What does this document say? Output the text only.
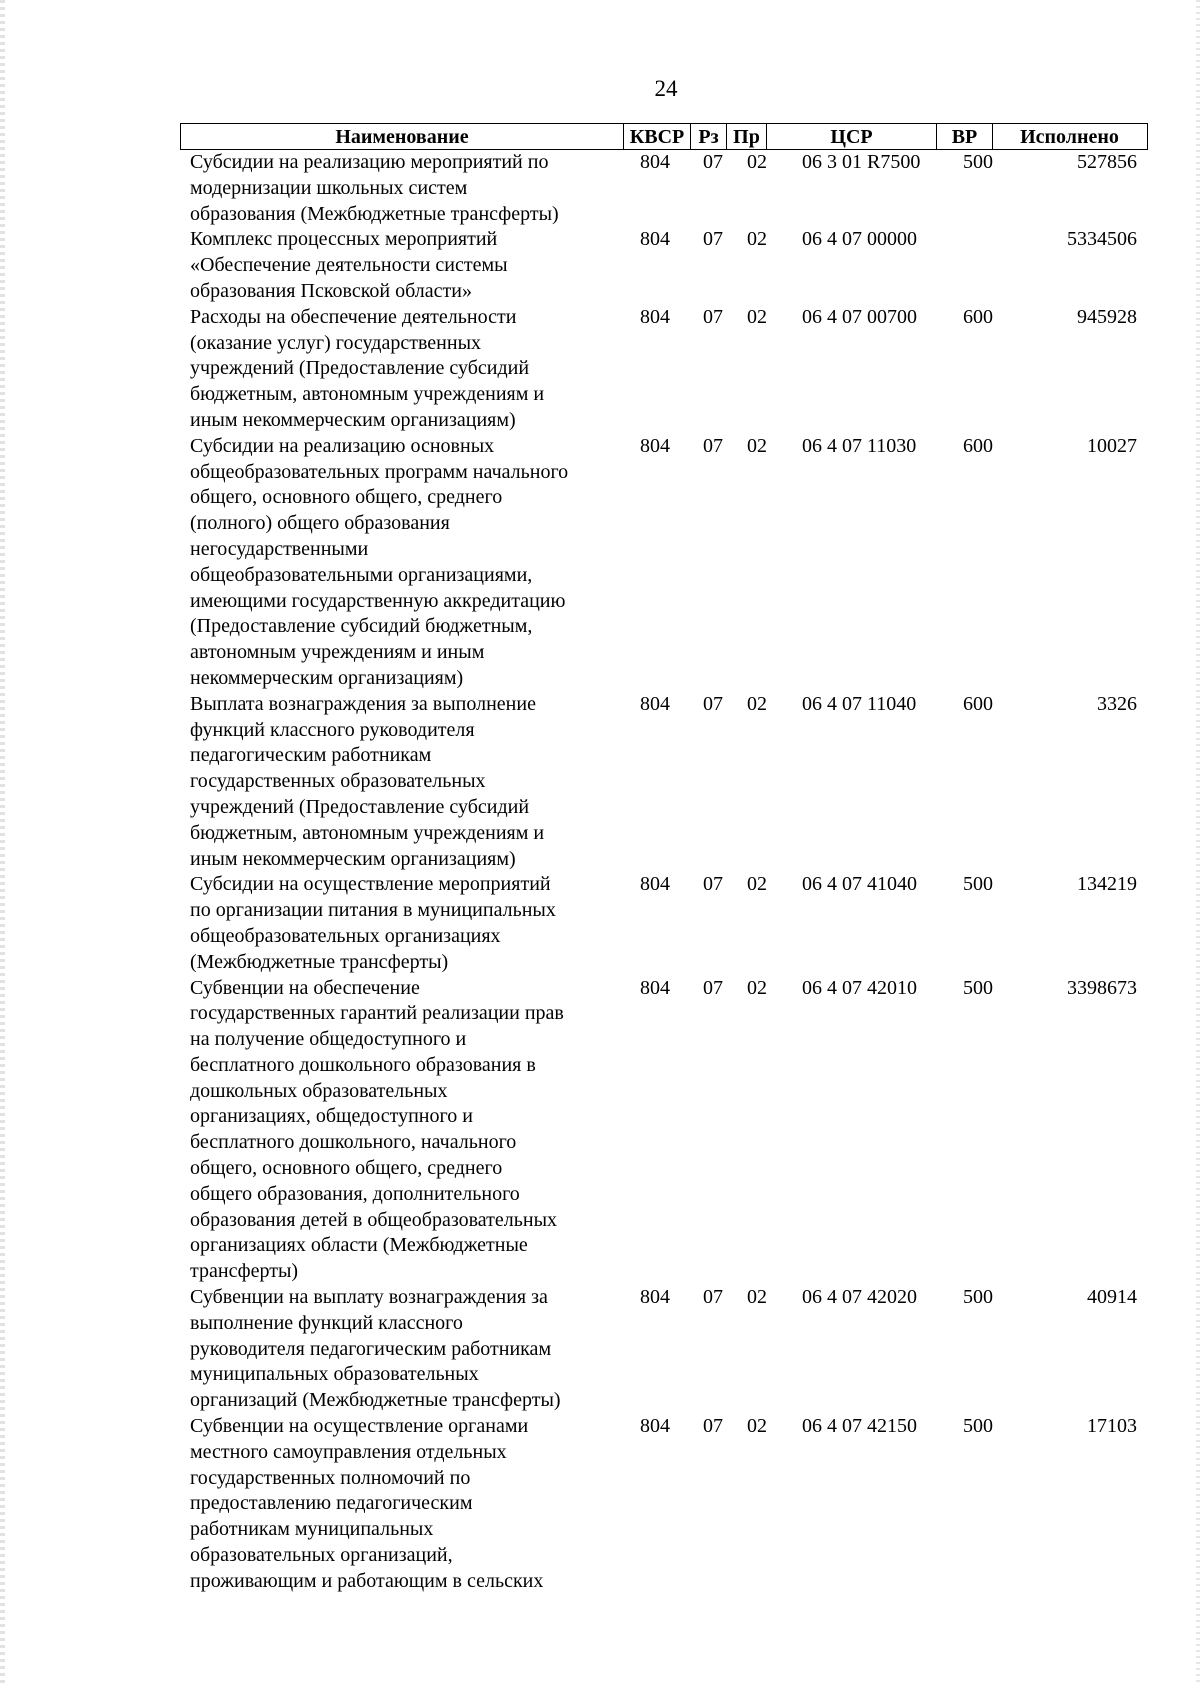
24
Наименование	КВСР Рз Пр	ЦСР	ВР	Исполнено
Субсидии на реализацию мероприятий по
модернизации школьных систем
образования (Межбюджетные трансферты)
804 07 02 06 3 01 R7500 500	527856
Комплекс процессных мероприятий
«Обеспечение деятельности системы
образования Псковской области»
804 07 02 06 4 07 00000	5334506
Расходы на обеспечение деятельности
(оказание услуг) государственных
учреждений (Предоставление субсидий
бюджетным, автономным учреждениям и
иным некоммерческим организациям)
804 07 02 06 4 07 00700 600	945928
Субсидии на реализацию основных
общеобразовательных программ начального
общего, основного общего, среднего
(полного) общего образования
негосударственными
общеобразовательными организациями,
имеющими государственную аккредитацию
(Предоставление субсидий бюджетным,
автономным учреждениям и иным
некоммерческим организациям)
804 07 02 06 4 07 11030 600	10027
Выплата вознаграждения за выполнение
функций классного руководителя
педагогическим работникам
государственных образовательных
учреждений (Предоставление субсидий
бюджетным, автономным учреждениям и
иным некоммерческим организациям)
804 07 02 06 4 07 11040 600	3326
Субсидии на осуществление мероприятий
по организации питания в муниципальных
общеобразовательных организациях
(Межбюджетные трансферты)
804 07 02 06 4 07 41040 500	134219
Субвенции на обеспечение
государственных гарантий реализации прав
на получение общедоступного и
бесплатного дошкольного образования в
дошкольных образовательных
организациях, общедоступного и
бесплатного дошкольного, начального
общего, основного общего, среднего
общего образования, дополнительного
образования детей в общеобразовательных
организациях области (Межбюджетные
трансферты)
804 07 02 06 4 07 42010 500	3398673
Субвенции на выплату вознаграждения за
выполнение функций классного
руководителя педагогическим работникам
муниципальных образовательных
организаций (Межбюджетные трансферты)
804 07 02 06 4 07 42020 500	40914
Субвенции на осуществление органами
местного самоуправления отдельных
государственных полномочий по
предоставлению педагогическим
работникам муниципальных
образовательных организаций,
проживающим и работающим в сельских
804 07 02 06 4 07 42150 500	17103
